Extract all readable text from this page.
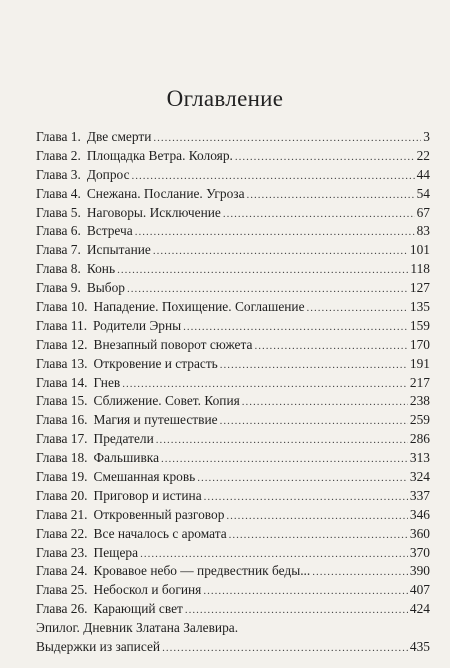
Оглавление
Глава 1. Две смерти .....	3
Глава 2. Площадка Ветра. Колояр. .....	22
Глава 3. Допрос .....	44
Глава 4. Снежана. Послание. Угроза .....	54
Глава 5. Наговоры. Исключение .....	67
Глава 6. Встреча .....	83
Глава 7. Испытание .....	101
Глава 8. Конь .....	118
Глава 9. Выбор .....	127
Глава 10. Нападение. Похищение. Соглашение .....	135
Глава 11. Родители Эрны .....	159
Глава 12. Внезапный поворот сюжета .....	170
Глава 13. Откровение и страсть .....	191
Глава 14. Гнев .....	217
Глава 15. Сближение. Совет. Копия .....	238
Глава 16. Магия и путешествие .....	259
Глава 17. Предатели .....	286
Глава 18. Фальшивка .....	313
Глава 19. Смешанная кровь .....	324
Глава 20. Приговор и истина .....	337
Глава 21. Откровенный разговор .....	346
Глава 22. Все началось с аромата .....	360
Глава 23. Пещера .....	370
Глава 24. Кровавое небо — предвестник беды... .....	390
Глава 25. Небоскол и богиня .....	407
Глава 26. Карающий свет .....	424
Эпилог. Дневник Златана Залевира.
Выдержки из записей .....	435
